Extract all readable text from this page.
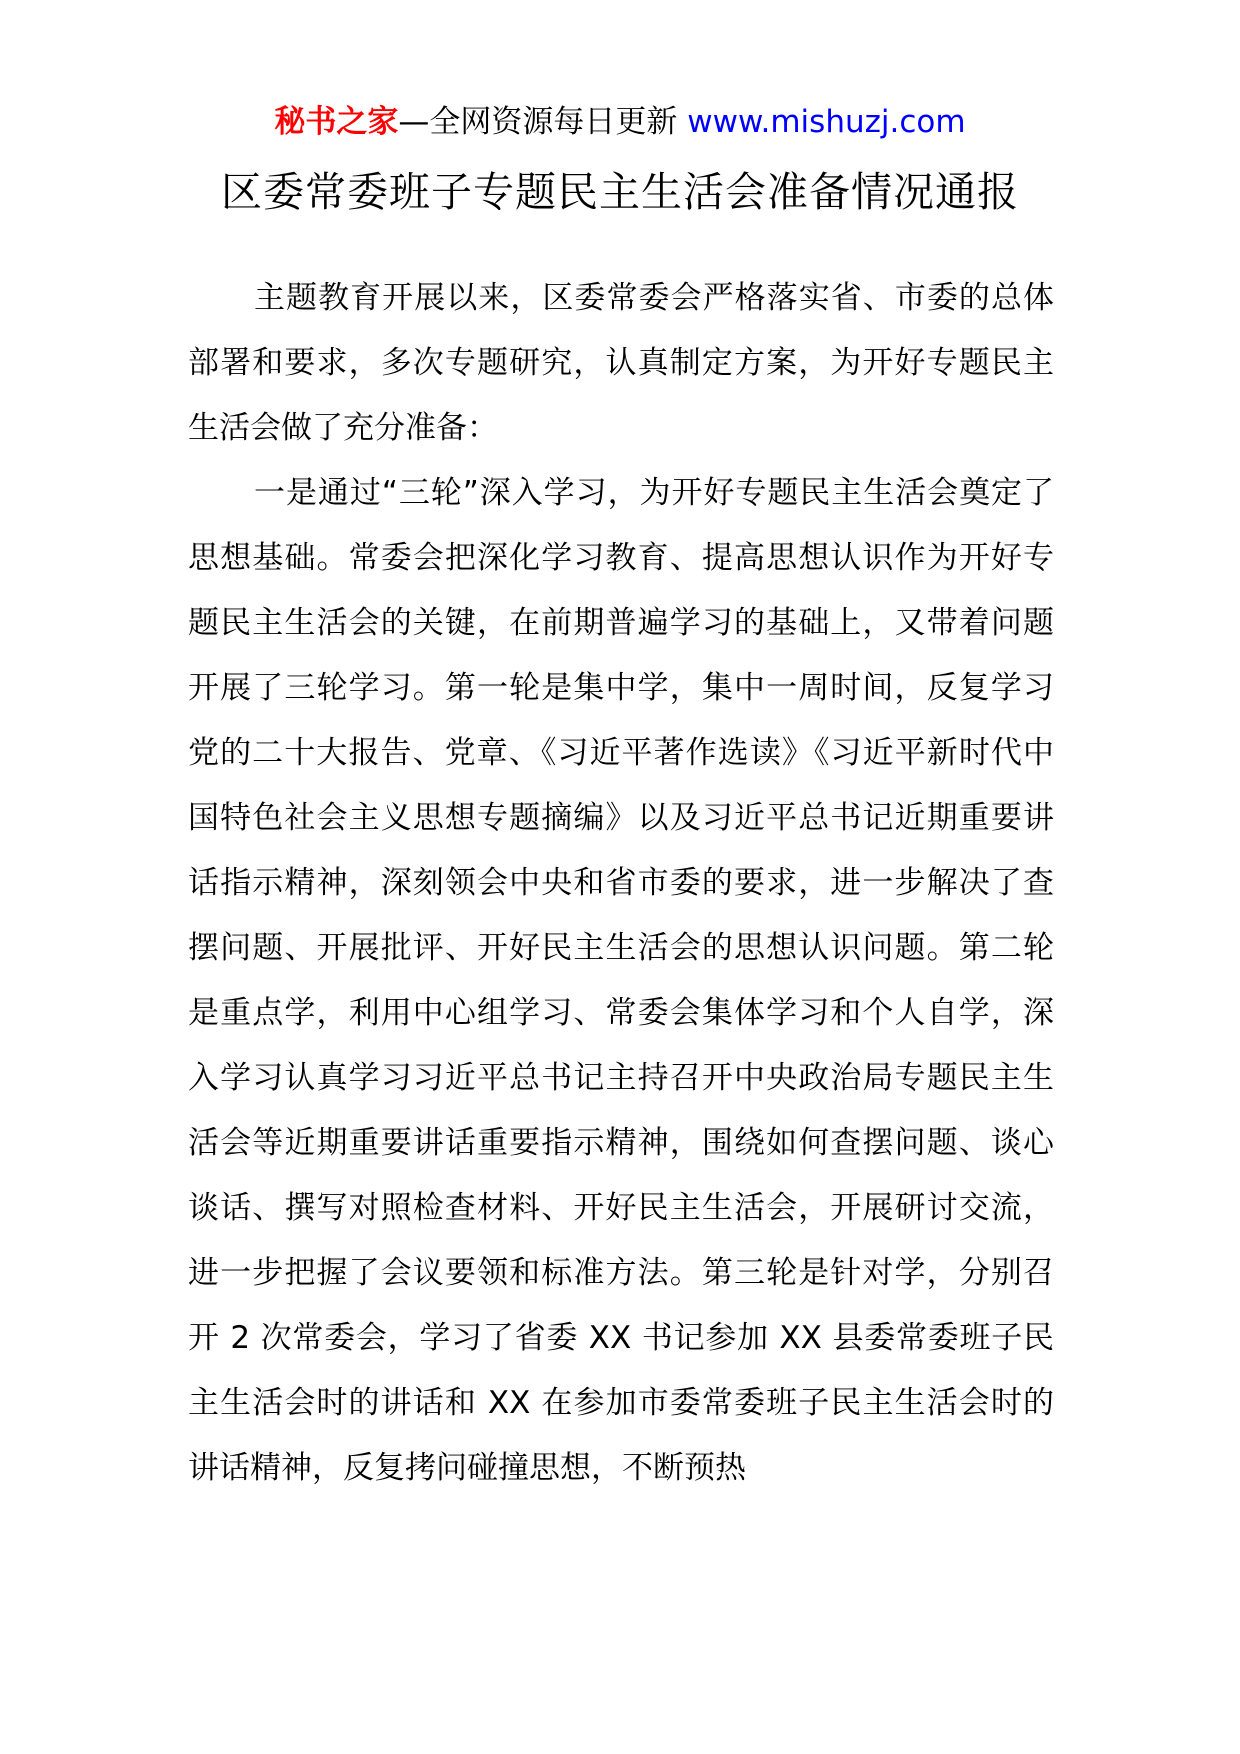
秘书之家—全网资源每日更新 www.mishuzj.com
区委常委班子专题民主生活会准备情况通报

主题教育开展以来，区委常委会严格落实省、市委的总体部署和要求，多次专题研究，认真制定方案，为开好专题民主生活会做了充分准备：

一是通过“三轮”深入学习，为开好专题民主生活会奠定了思想基础。常委会把深化学习教育、提高思想认识作为开好专题民主生活会的关键，在前期普遍学习的基础上，又带着问题开展了三轮学习。第一轮是集中学，集中一周时间，反复学习党的二十大报告、党章、《习近平著作选读》《习近平新时代中国特色社会主义思想专题摘编》以及习近平总书记近期重要讲话指示精神，深刻领会中央和省市委的要求，进一步解决了查摆问题、开展批评、开好民主生活会的思想认识问题。第二轮是重点学，利用中心组学习、常委会集体学习和个人自学，深入学习认真学习习近平总书记主持召开中央政治局专题民主生活会等近期重要讲话重要指示精神，围绕如何查摆问题、谈心谈话、撰写对照检查材料、开好民主生活会，开展研讨交流，进一步把握了会议要领和标准方法。第三轮是针对学，分别召开 2 次常委会，学习了省委 XX 书记参加 XX 县委常委班子民主生活会时的讲话和 XX 在参加市委常委班子民主生活会时的讲话精神，反复拷问碰撞思想，不断预热
